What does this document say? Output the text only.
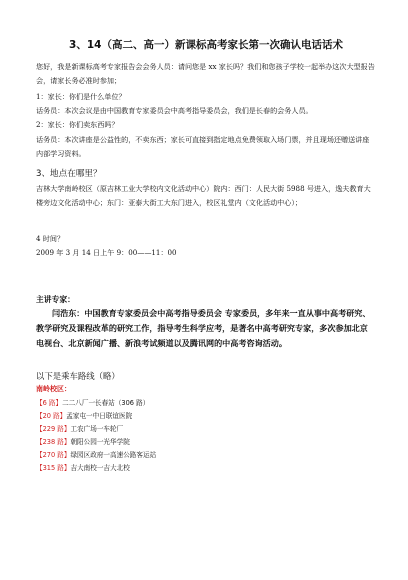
3、14（高二、高一）新课标高考家长第一次确认电话话术

您好，我是新课标高考专家报告会会务人员：请问您是 xx 家长吗？我们和您孩子学校一起举办这次大型报告会，请家长务必准时参加；

1：家长：你们是什么单位？

话务员：本次会议是由中国教育专家委员会中高考指导委员会，我们是长春的会务人员。

2：家长：你们卖东西吗？

话务员：本次讲座是公益性的，不卖东西；家长可直接到指定地点免费领取入场门票，并且现场还赠送讲座内部学习资料。

3、地点在哪里？

吉林大学南岭校区（原吉林工业大学校内文化活动中心）院内：西门：人民大街 5988 号进入，逸夫教育大楼旁边文化活动中心；东门：亚泰大街工大东门进入，校区礼堂内（文化活动中心）；

4 时间？

2009 年 3 月 14 日上午 9：00——11：00

主讲专家：
闫浩东：中国教育专家委员会中高考指导委员会 专家委员，多年来一直从事中高考研究、教学研究及课程改革的研究工作，指导考生科学应考，是著名中高考研究专家，多次参加北京电视台、北京新闻广播、新浪考试频道以及腾讯网的中高考咨询活动。
以下是乘车路线（略）
南岭校区：
【6 路】二二八厂一长春站（306 路）
【20 路】孟家屯一中日联谊医院
【229 路】工农广场一车轮厂
【238 路】朝阳公园一光华学院
【270 路】绿园区政府一高速公路客运站
【315 路】吉大南校一吉大北校
